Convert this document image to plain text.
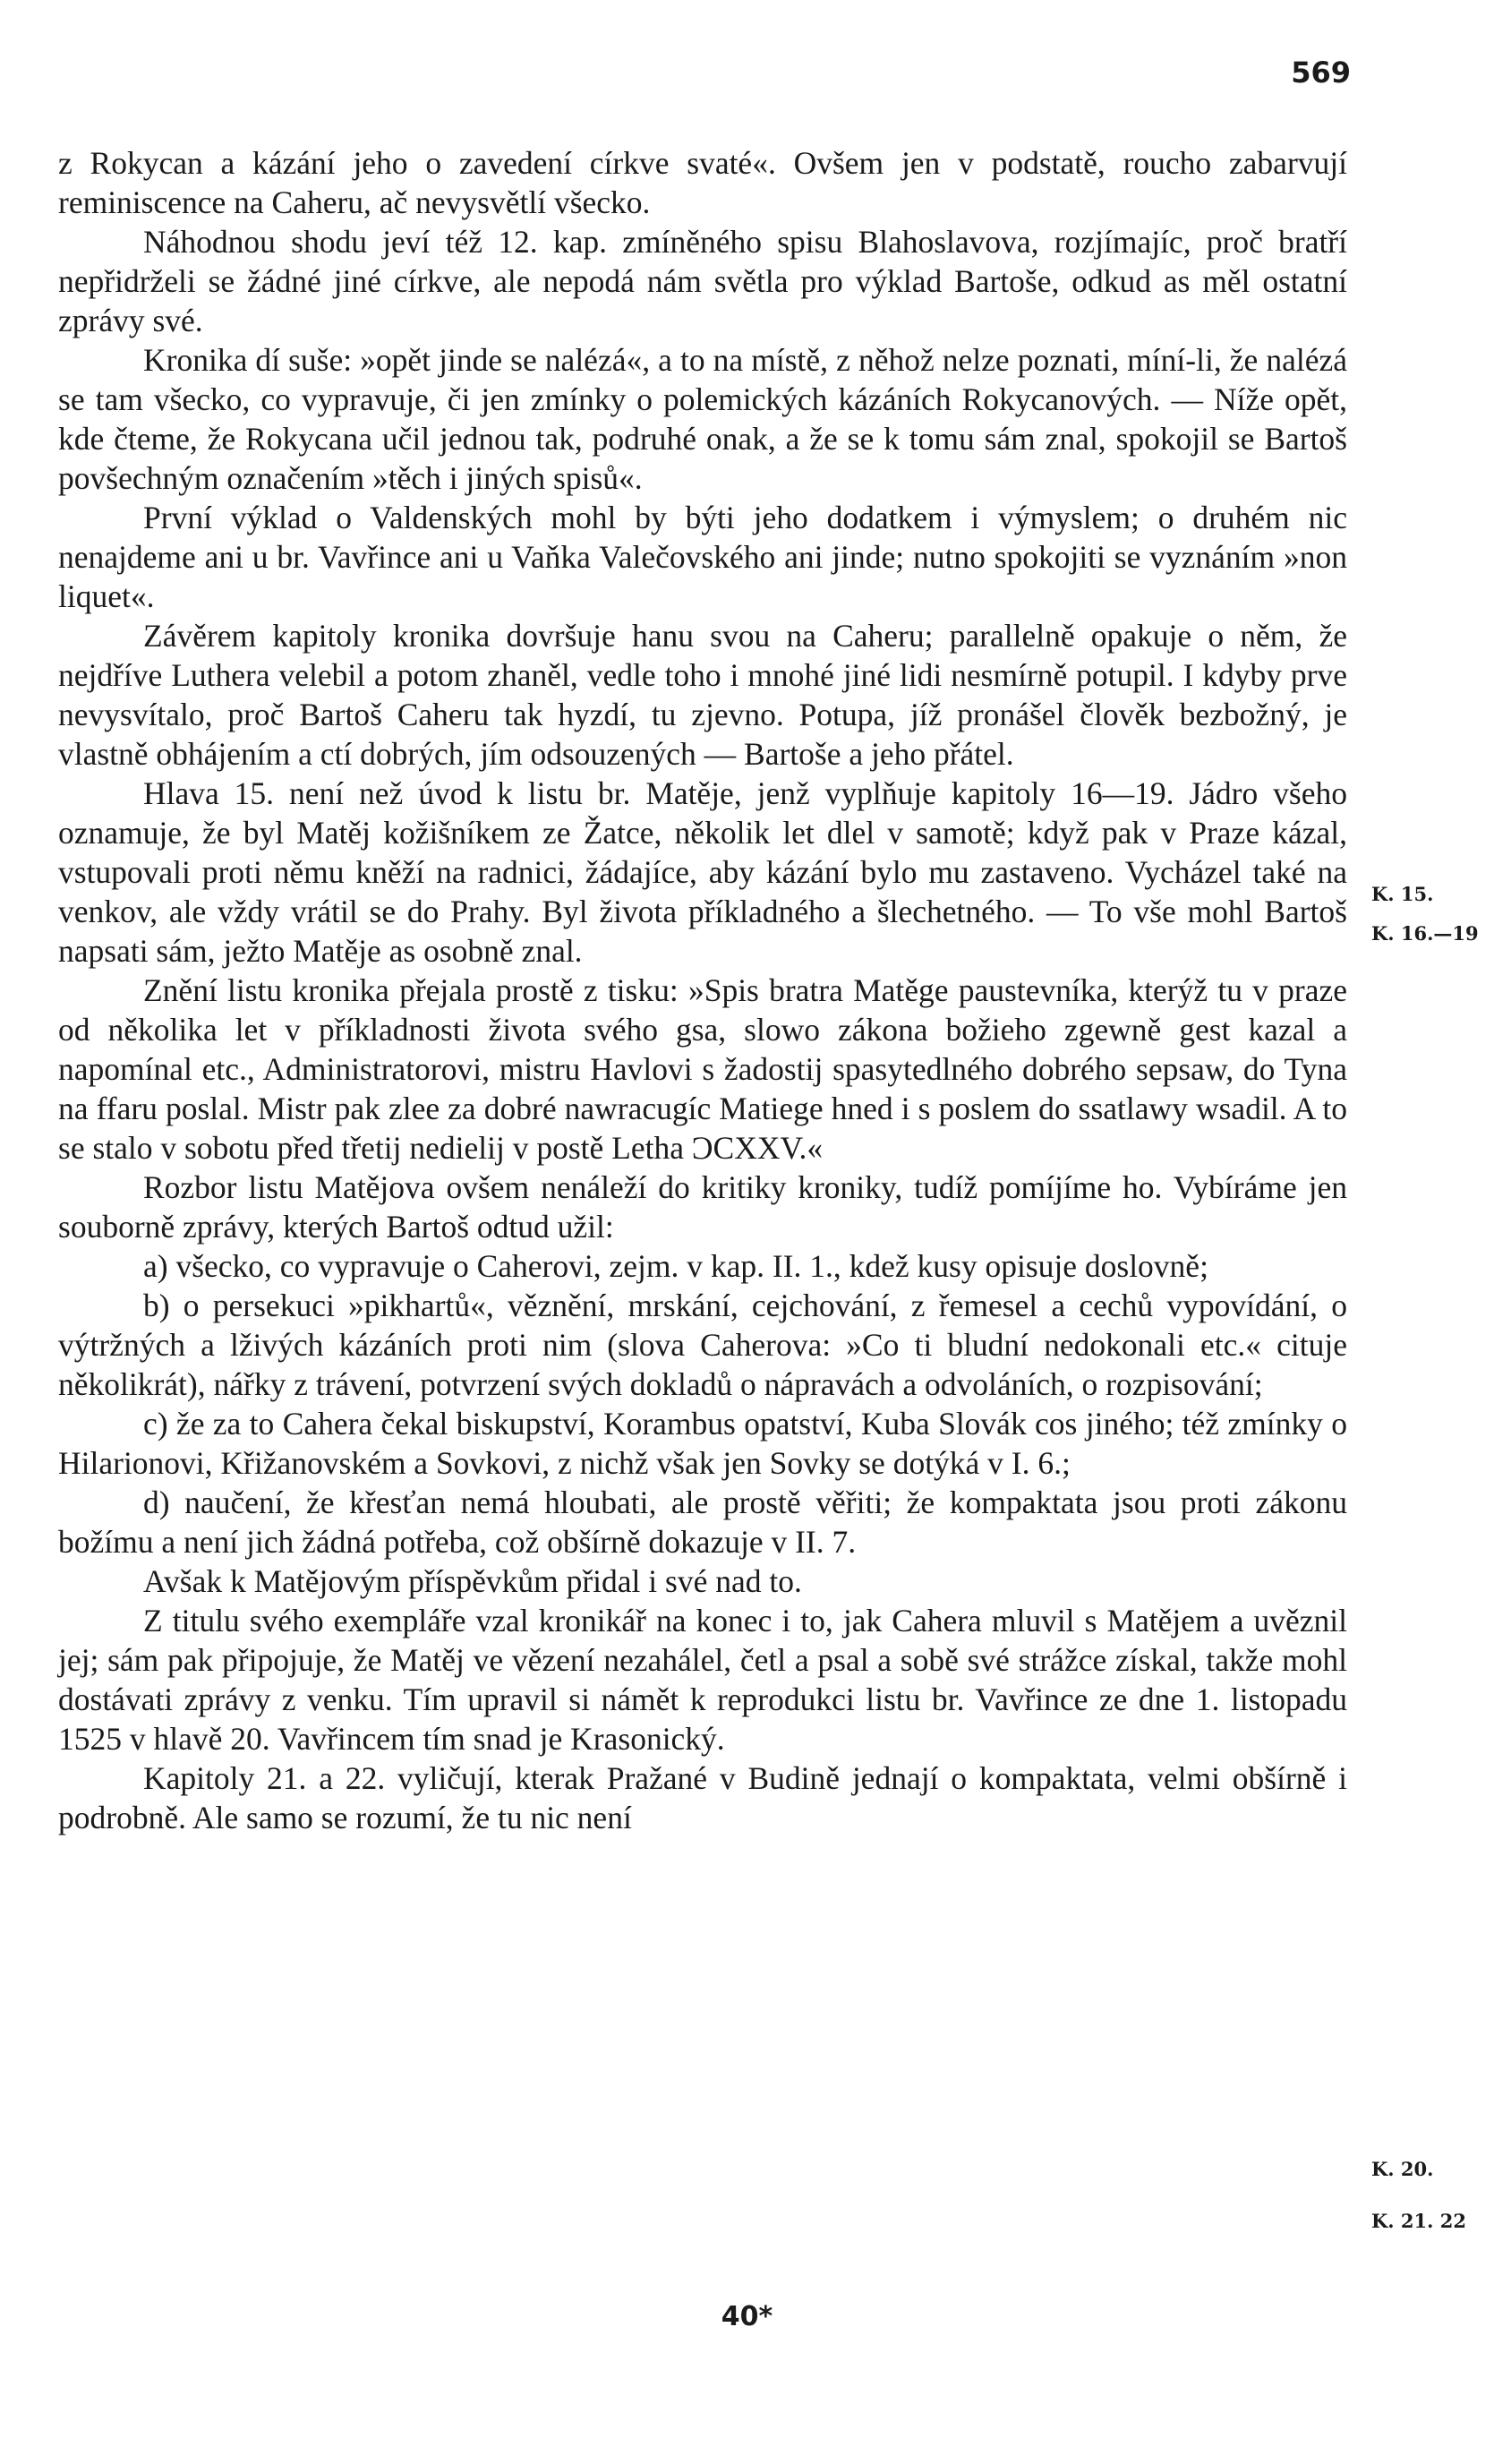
569

z Rokycan a kázání jeho o zavedení církve svaté«. Ovšem jen v podstatě, roucho zabarvují reminiscence na Caheru, ač nevysvětlí všecko.

Náhodnou shodu jeví též 12. kap. zmíněného spisu Blahoslavova, rozjímajíc, proč bratří nepřidrželi se žádné jiné církve, ale nepodá nám světla pro výklad Bartoše, odkud as měl ostatní zprávy své.

Kronika dí suše: »opět jinde se nalézá«, a to na místě, z něhož nelze poznati, míní-li, že nalézá se tam všecko, co vypravuje, či jen zmínky o polemických kázáních Rokycanových. — Níže opět, kde čteme, že Rokycana učil jednou tak, podruhé onak, a že se k tomu sám znal, spokojil se Bartoš povšechným označením »těch i jiných spisů«.

První výklad o Valdenských mohl by býti jeho dodatkem i výmyslem; o druhém nic nenajdeme ani u br. Vavřince ani u Vaňka Valečovského ani jinde; nutno spokojiti se vyznáním »non liquet«.

Závěrem kapitoly kronika dovršuje hanu svou na Caheru; parallelně opakuje o něm, že nejdříve Luthera velebil a potom zhaněl, vedle toho i mnohé jiné lidi nesmírně potupil. I kdyby prve nevysvítalo, proč Bartoš Caheru tak hyzdí, tu zjevno. Potupa, jíž pronášel člověk bezbožný, je vlastně obhájením a ctí dobrých, jím odsouzených — Bartoše a jeho přátel.

Hlava 15. není než úvod k listu br. Matěje, jenž vyplňuje kapitoly 16—19. Jádro všeho oznamuje, že byl Matěj kožišníkem ze Žatce, několik let dlel v samotě; když pak v Praze kázal, vstupovali proti němu kněží na radnici, žádajíce, aby kázání bylo mu zastaveno. Vycházel také na venkov, ale vždy vrátil se do Prahy. Byl života příkladného a šlechetného. — To vše mohl Bartoš napsati sám, ježto Matěje as osobně znal.

Znění listu kronika přejala prostě z tisku: »Spis bratra Matěge paustevníka, kterýž tu v praze od několika let v příkladnosti života svého gsa, slowo zákona božieho zgewně gest kazal a napomínal etc., Administratorovi, mistru Havlovi s žadostij spasytedlného dobrého sepsaw, do Tyna na ffaru poslal. Mistr pak zlee za dobré nawracugíc Matiege hned i s poslem do ssatlawy wsadil. A to se stalo v sobotu před třetij nedielij v postě Letha ϽCXXV.«

Rozbor listu Matějova ovšem nenáleží do kritiky kroniky, tudíž pomíjíme ho. Vybíráme jen souborně zprávy, kterých Bartoš odtud užil:

a) všecko, co vypravuje o Caherovi, zejm. v kap. II. 1., kdež kusy opisuje doslovně;

b) o persekuci »pikhartů«, věznění, mrskání, cejchování, z řemesel a cechů vypovídání, o výtržných a lživých kázáních proti nim (slova Caherova: »Co ti bludní nedokonali etc.« cituje několikrát), nářky z trávení, potvrzení svých dokladů o nápravách a odvoláních, o rozpisování;

c) že za to Cahera čekal biskupství, Korambus opatství, Kuba Slovák cos jiného; též zmínky o Hilarionovi, Křižanovském a Sovkovi, z nichž však jen Sovky se dotýká v I. 6.;

d) naučení, že křesťan nemá hloubati, ale prostě věřiti; že kompaktata jsou proti zákonu božímu a není jich žádná potřeba, což obšírně dokazuje v II. 7.

Avšak k Matějovým příspěvkům přidal i své nad to.

Z titulu svého exempláře vzal kronikář na konec i to, jak Cahera mluvil s Matějem a uvěznil jej; sám pak připojuje, že Matěj ve vězení nezahálel, četl a psal a sobě své strážce získal, takže mohl dostávati zprávy z venku. Tím upravil si námět k reprodukci listu br. Vavřince ze dne 1. listopadu 1525 v hlavě 20. Vavřincem tím snad je Krasonický.

Kapitoly 21. a 22. vyličují, kterak Pražané v Budině jednají o kompaktata, velmi obšírně i podrobně. Ale samo se rozumí, že tu nic není

K. 15.
K. 16.—19
K. 20.
K. 21. 22
40*
